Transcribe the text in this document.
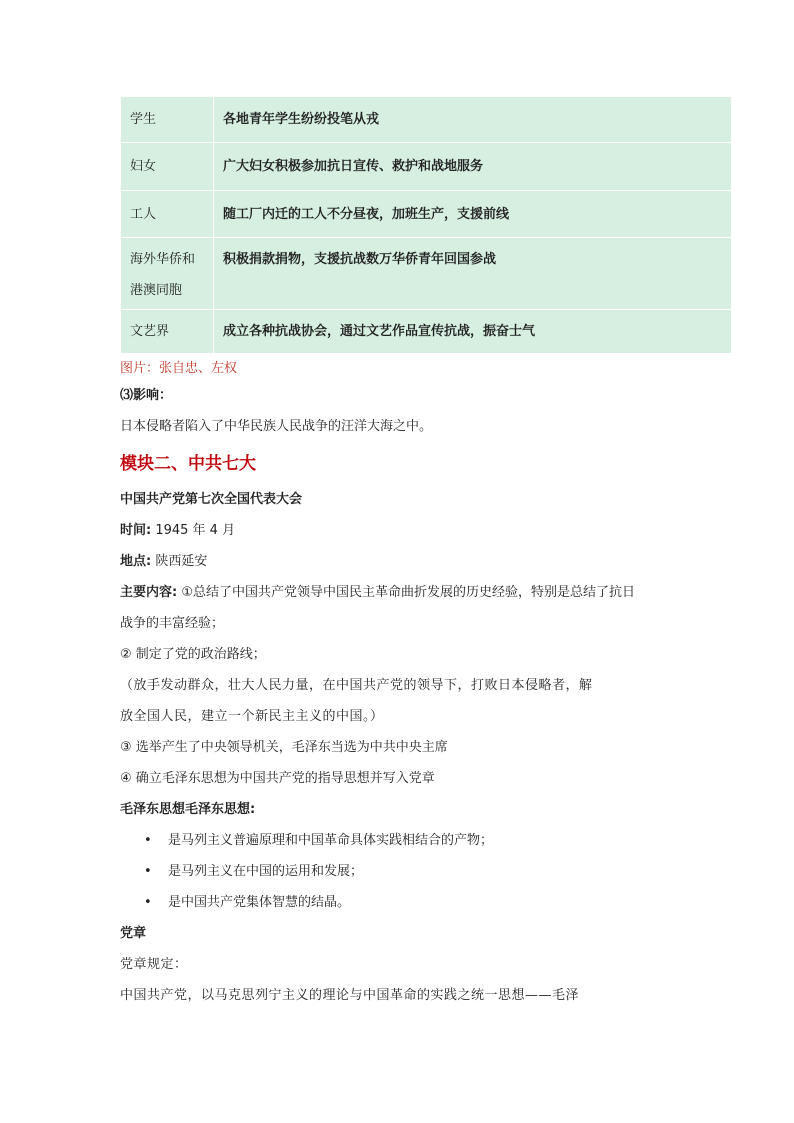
学生	各地青年学生纷纷投笔从戎
妇女	广大妇女积极参加抗日宣传、救护和战地服务
工人	随工厂内迁的工人不分昼夜，加班生产，支援前线
海外华侨和港澳同胞	积极捐款捐物，支援抗战数万华侨青年回国参战
文艺界	成立各种抗战协会，通过文艺作品宣传抗战，振奋士气
图片：张自忠、左权
⑶影响：
日本侵略者陷入了中华民族人民战争的汪洋大海之中。
模块二、中共七大
中国共产党第七次全国代表大会
时间: 1945 年 4 月
地点: 陕西延安
主要内容: ①总结了中国共产党领导中国民主革命曲折发展的历史经验，特别是总结了抗日
战争的丰富经验；
② 制定了党的政治路线；
（放手发动群众，壮大人民力量，在中国共产党的领导下，打败日本侵略者，解
放全国人民，建立一个新民主主义的中国。）
③ 选举产生了中央领导机关，毛泽东当选为中共中央主席
④ 确立毛泽东思想为中国共产党的指导思想并写入党章
毛泽东思想毛泽东思想:
• 是马列主义普遍原理和中国革命具体实践相结合的产物；
• 是马列主义在中国的运用和发展；
• 是中国共产党集体智慧的结晶。
党章
党章规定：
中国共产党，以马克思列宁主义的理论与中国革命的实践之统一思想——毛泽
